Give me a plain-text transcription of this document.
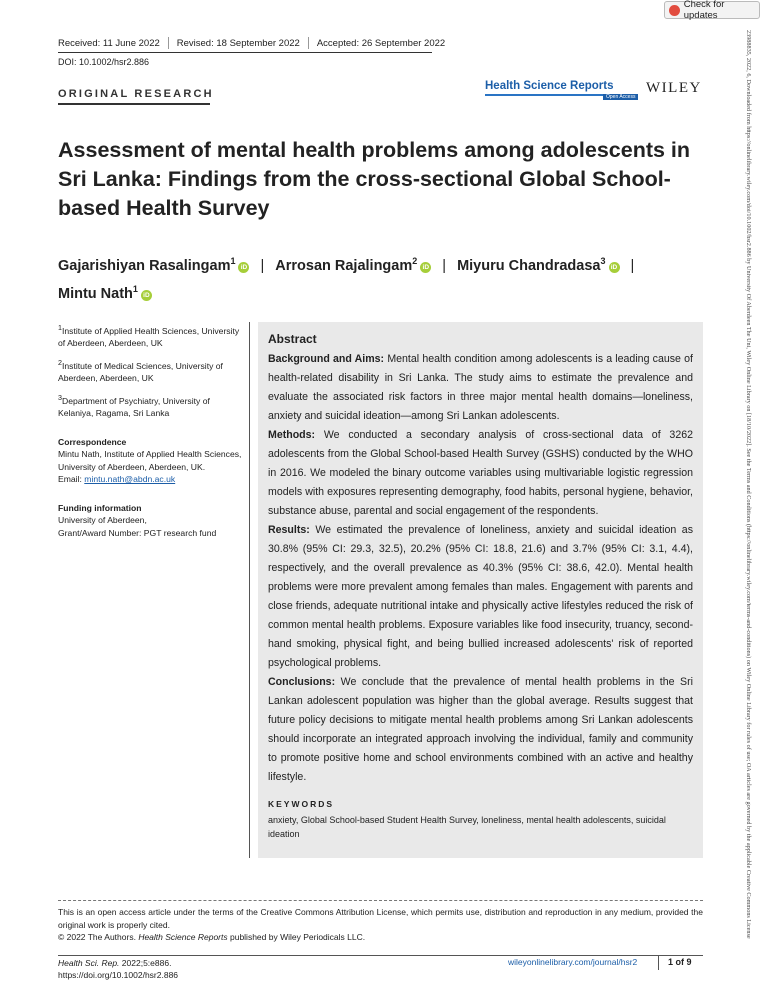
Check for updates
Received: 11 June 2022 Revised: 18 September 2022 Accepted: 26 September 2022
DOI: 10.1002/hsr2.886
ORIGINAL RESEARCH
Health Science Reports
Open Access
WILEY
Assessment of mental health problems among adolescents in Sri Lanka: Findings from the cross-sectional Global School-based Health Survey
Gajarishiyan Rasalingam$^1$iD | Arrosan Rajalingam$^2$iD | Miyuru Chandradasa$^3$iD |
Mintu Nath$^1$iD

$^1$Institute of Applied Health Sciences, University of Aberdeen, Aberdeen, UK

$^2$Institute of Medical Sciences, University of Aberdeen, Aberdeen, UK

$^3$Department of Psychiatry, University of Kelaniya, Ragama, Sri Lanka

Correspondence

Mintu Nath, Institute of Applied Health Sciences, University of Aberdeen, Aberdeen, UK.
Email: mintu.nath@abdn.ac.uk

Funding information

University of Aberdeen,
Grant/Award Number: PGT research fund

Abstract
Background and Aims: Mental health condition among adolescents is a leading cause of health-related disability in Sri Lanka. The study aims to estimate the prevalence and evaluate the associated risk factors in three major mental health domains—loneliness, anxiety and suicidal ideation—among Sri Lankan adolescents.
Methods: We conducted a secondary analysis of cross-sectional data of 3262 adolescents from the Global School-based Health Survey (GSHS) conducted by the WHO in 2016. We modeled the binary outcome variables using multivariable logistic regression models with exposures representing demography, food habits, personal hygiene, behavior, substance abuse, parental and social engagement of the respondents.
Results: We estimated the prevalence of loneliness, anxiety and suicidal ideation as 30.8% (95% CI: 29.3, 32.5), 20.2% (95% CI: 18.8, 21.6) and 3.7% (95% CI: 3.1, 4.4), respectively, and the overall prevalence as 40.3% (95% CI: 38.6, 42.0). Mental health problems were more prevalent among females than males. Engagement with parents and close friends, adequate nutritional intake and physically active lifestyles reduced the risk of common mental health problems. Exposure variables like food insecurity, truancy, second-hand smoking, physical fight, and being bullied increased adolescents' risk of reported psychological problems.
Conclusions: We conclude that the prevalence of mental health problems in the Sri Lankan adolescent population was higher than the global average. Results suggest that future policy decisions to mitigate mental health problems among Sri Lankan adolescents should incorporate an integrated approach involving the individual, family and community to promote positive home and school environments combined with an active and healthy lifestyle.
KEYWORDS
anxiety, Global School-based Student Health Survey, loneliness, mental health adolescents, suicidal ideation
This is an open access article under the terms of the Creative Commons Attribution License, which permits use, distribution and reproduction in any medium, provided the original work is properly cited.
© 2022 The Authors. Health Science Reports published by Wiley Periodicals LLC.
Health Sci. Rep. 2022;5:e886.
https://doi.org/10.1002/hsr2.886
wileyonlinelibrary.com/journal/hsr2	1 of 9
23988835, 2022, 6, Downloaded from https://onlinelibrary.wiley.com/doi/10.1002/hsr2.886 by University Of Aberdeen The Uni, Wiley Online Library on [18/10/2022]. See the Terms and Conditions (https://onlinelibrary.wiley.com/terms-and-conditions) on Wiley Online Library for rules of use; OA articles are governed by the applicable Creative Commons License
